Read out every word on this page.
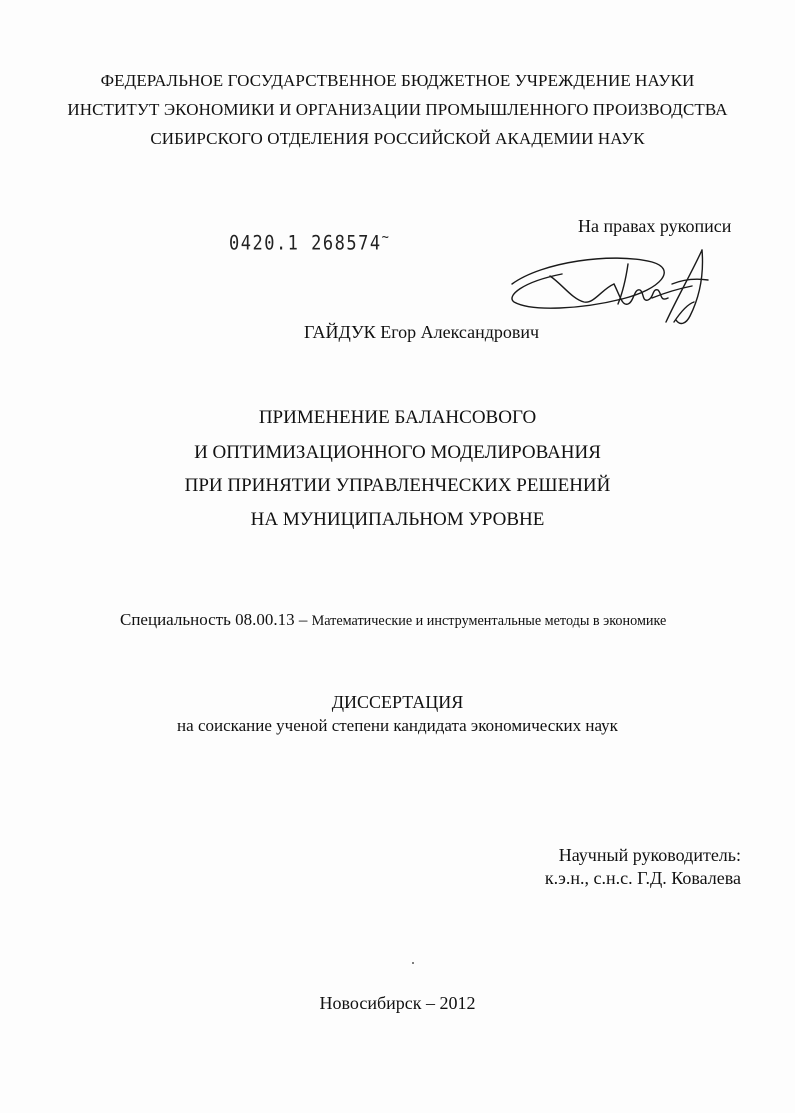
ФЕДЕРАЛЬНОЕ ГОСУДАРСТВЕННОЕ БЮДЖЕТНОЕ УЧРЕЖДЕНИЕ НАУКИ
ИНСТИТУТ ЭКОНОМИКИ И ОРГАНИЗАЦИИ ПРОМЫШЛЕННОГО ПРОИЗВОДСТВА
СИБИРСКОГО ОТДЕЛЕНИЯ РОССИЙСКОЙ АКАДЕМИИ НАУК
0420.1 268574~
На правах рукописи
ГАЙДУК Егор Александрович
ПРИМЕНЕНИЕ БАЛАНСОВОГО
И ОПТИМИЗАЦИОННОГО МОДЕЛИРОВАНИЯ
ПРИ ПРИНЯТИИ УПРАВЛЕНЧЕСКИХ РЕШЕНИЙ
НА МУНИЦИПАЛЬНОМ УРОВНЕ
Специальность 08.00.13 – Математические и инструментальные методы в экономике
ДИССЕРТАЦИЯ
на соискание ученой степени кандидата экономических наук
Научный руководитель:
к.э.н., с.н.с. Г.Д. Ковалева
Новосибирск – 2012
